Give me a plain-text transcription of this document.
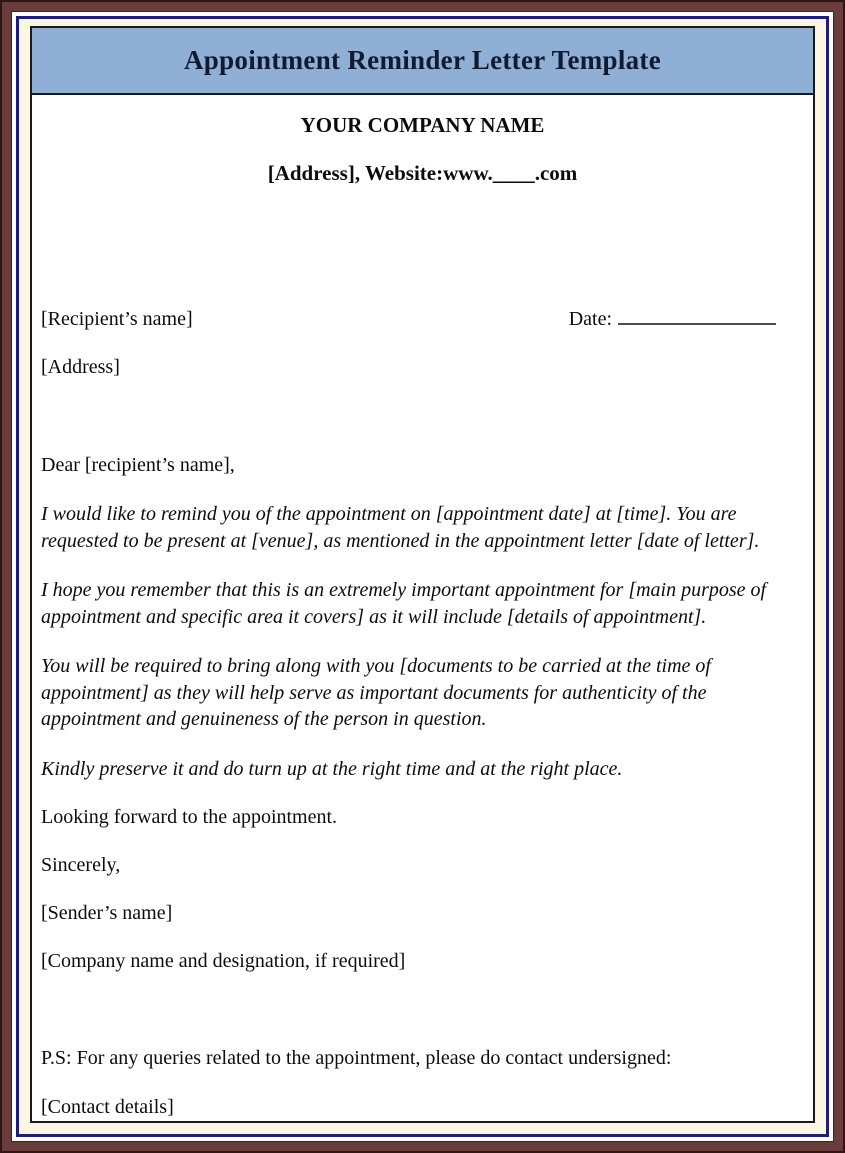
Appointment Reminder Letter Template

YOUR COMPANY NAME

[Address], Website:www.____.com

[Recipient’s name]	Date:

[Address]

Dear [recipient’s name],

I would like to remind you of the appointment on [appointment date] at [time]. You are requested to be present at [venue], as mentioned in the appointment letter [date of letter].

I hope you remember that this is an extremely important appointment for [main purpose of appointment and specific area it covers] as it will include [details of appointment].

You will be required to bring along with you [documents to be carried at the time of appointment] as they will help serve as important documents for authenticity of the appointment and genuineness of the person in question.

Kindly preserve it and do turn up at the right time and at the right place.

Looking forward to the appointment.

Sincerely,

[Sender’s name]

[Company name and designation, if required]

P.S: For any queries related to the appointment, please do contact undersigned:

[Contact details]
